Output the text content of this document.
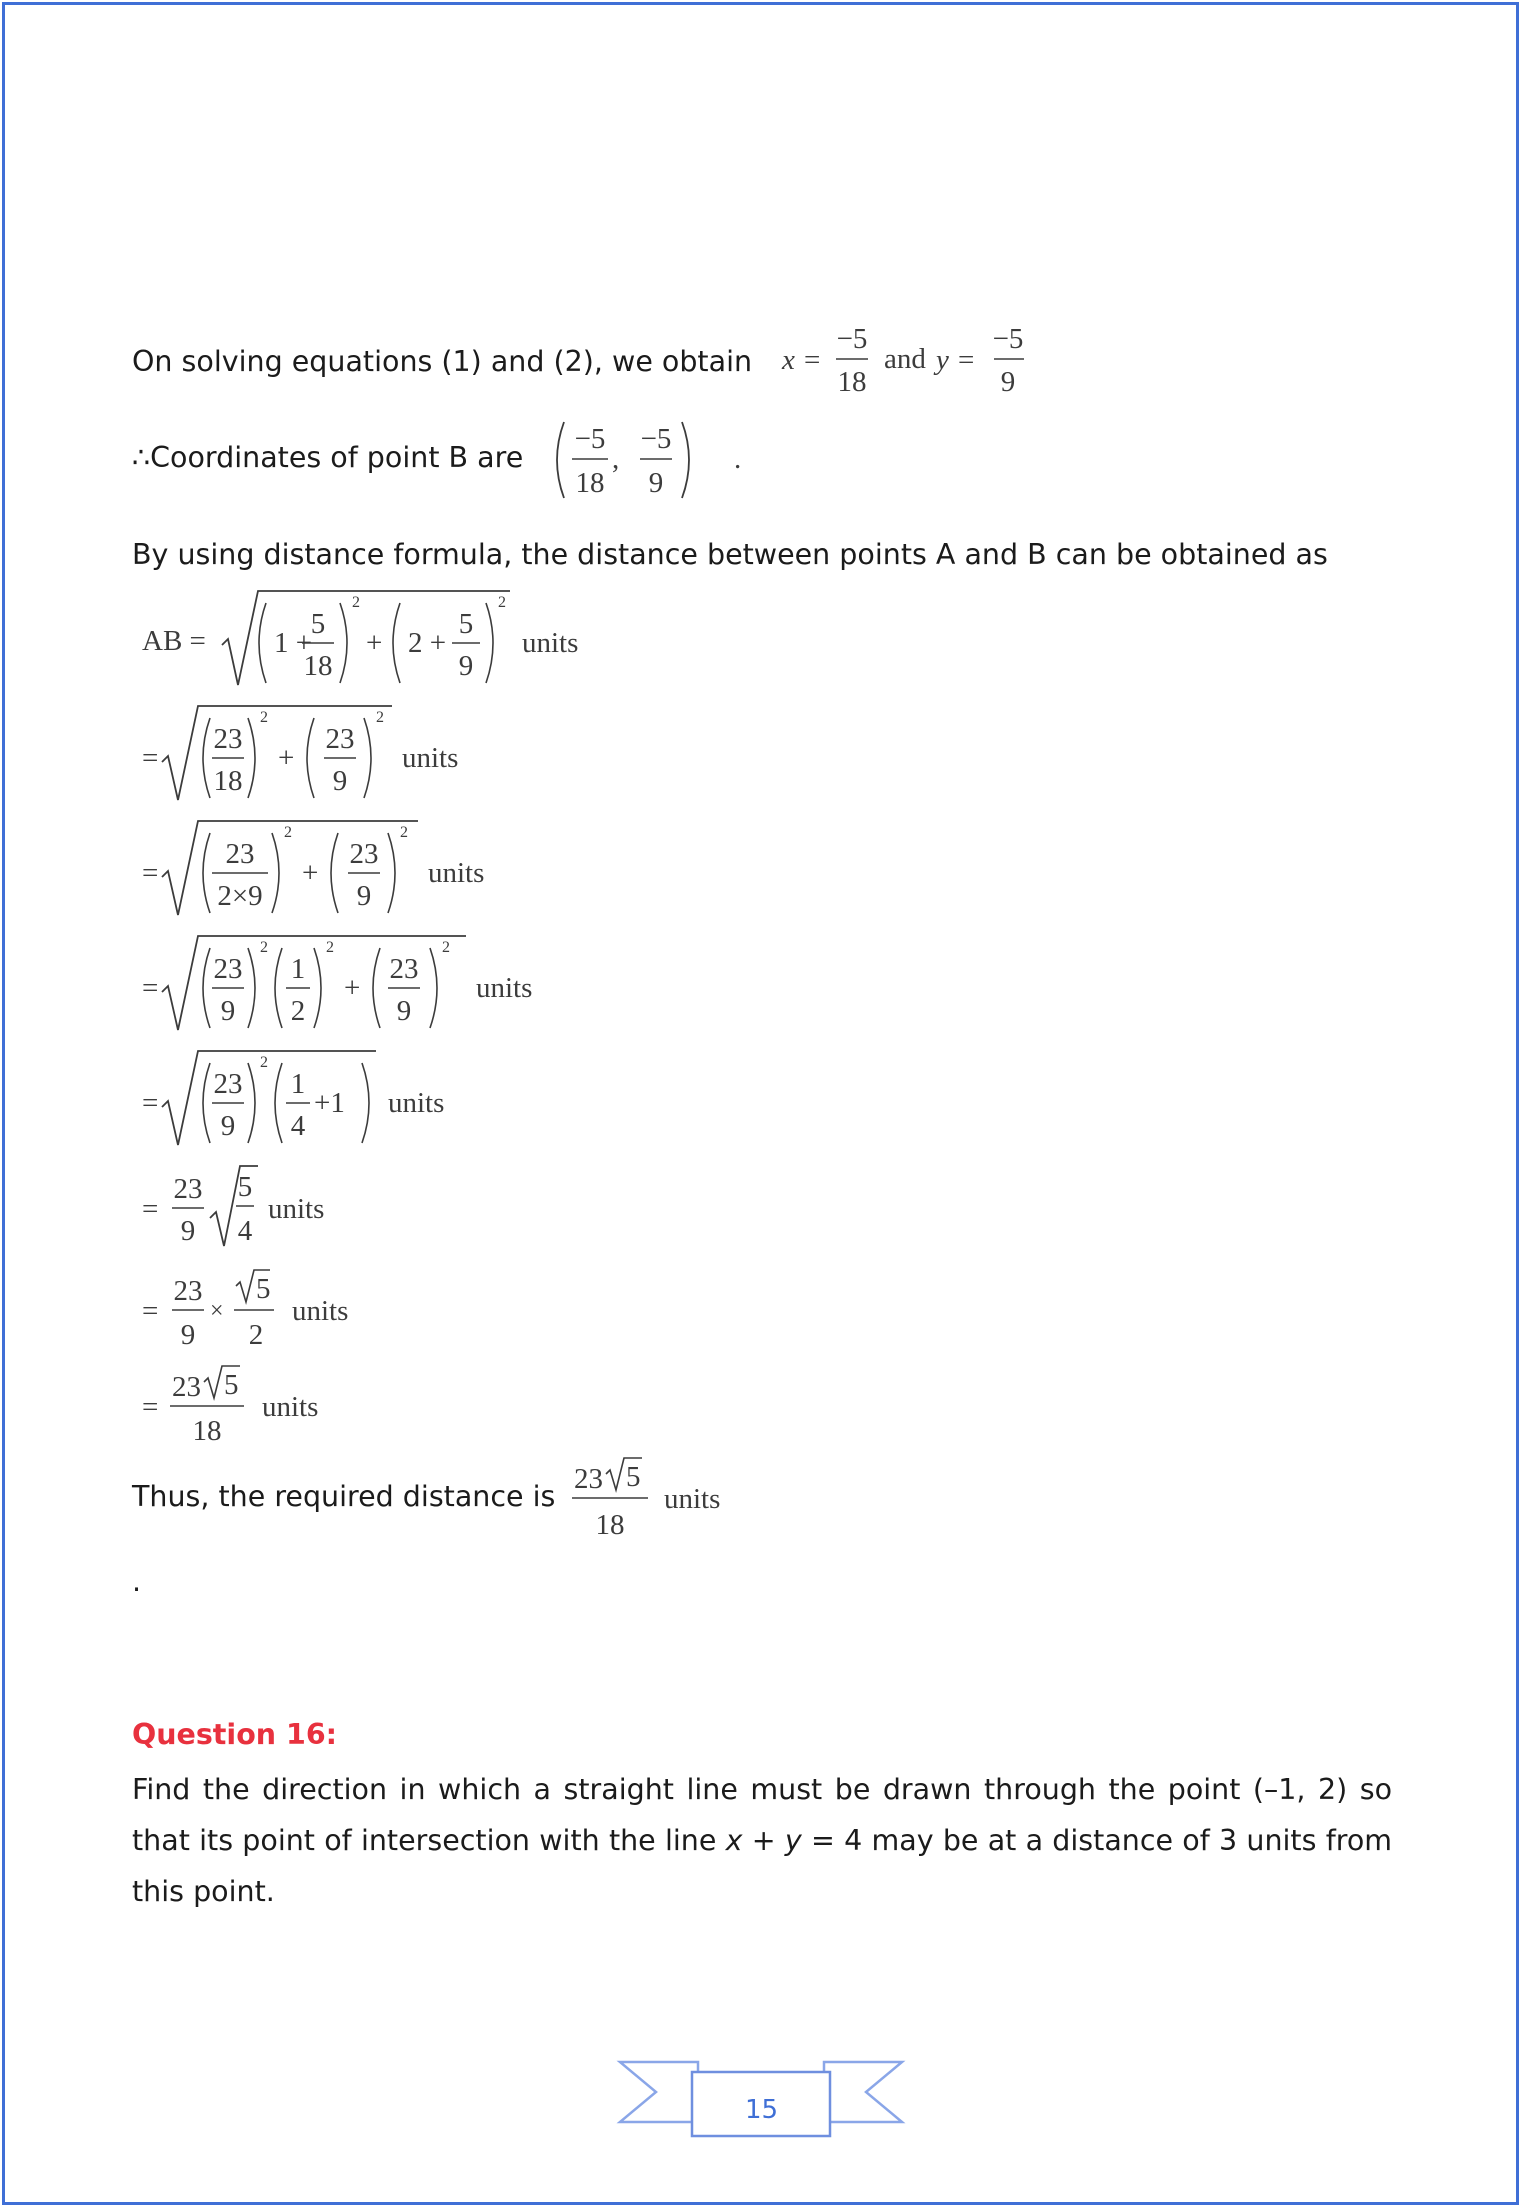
On solving equations (1) and (2), we obtain x =
−5
18
and y =
−5
9
∴Coordinates of point B are
−5
18
,
−5
9
.
By using distance formula, the distance between points A and B can be obtained as
AB = 1 +
5
18
2
+ 2 +
5
9
2
units
=
23
18
2
+
23
9
2
units
=
23
2×9
2
+
23
9
2
units
=
23
9
2
1
2
2
+
23
9
2
units
=
23
9
2
1
4
+1 units
=
23
9
5
4
units
=
23
9
×
5
2
units
=
23 5
18
units
Thus, the required distance is
23 5
18
units
.
Question 16:
Find the direction in which a straight line must be drawn through the point (–1, 2) so that its point of intersection with the line x + y = 4 may be at a distance of 3 units from this point.
15
